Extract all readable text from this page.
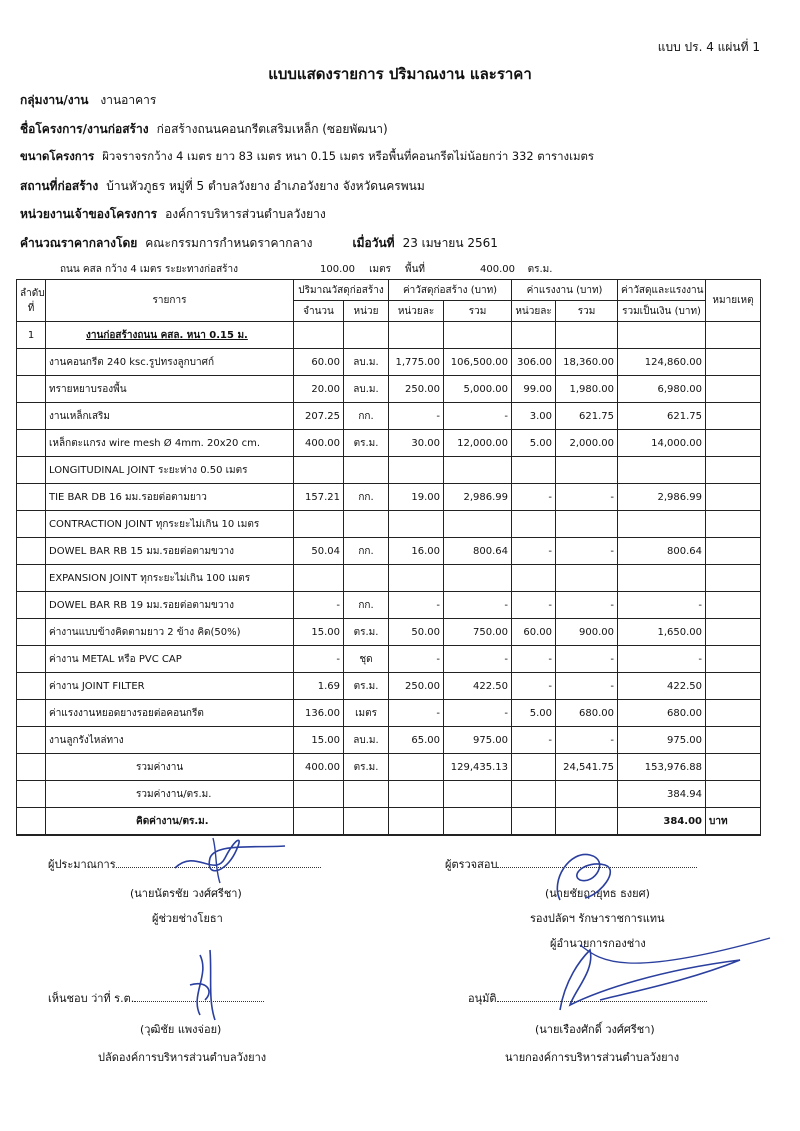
แบบ ปร. 4 แผ่นที่ 1
แบบแสดงรายการ ปริมาณงาน และราคา
กลุ่มงาน/งาน งานอาคาร
ชื่อโครงการ/งานก่อสร้าง ก่อสร้างถนนคอนกรีตเสริมเหล็ก (ซอยพัฒนา)
ขนาดโครงการ ผิวจราจรกว้าง 4 เมตร ยาว 83 เมตร หนา 0.15 เมตร หรือพื้นที่คอนกรีตไม่น้อยกว่า 332 ตารางเมตร
สถานที่ก่อสร้าง บ้านหัวภูธร หมู่ที่ 5 ตำบลวังยาง อำเภอวังยาง จังหวัดนครพนม
หน่วยงานเจ้าของโครงการ องค์การบริหารส่วนตำบลวังยาง
คำนวณราคากลางโดย คณะกรรมการกำหนดราคากลาง	เมื่อวันที่ 23 เมษายน 2561
ถนน คสล กว้าง 4 เมตร ระยะทางก่อสร้าง	100.00 เมตร พื้นที่	400.00 ตร.ม.
ลำดับที่	รายการ	ปริมาณวัสดุก่อสร้าง		ค่าวัสดุก่อสร้าง (บาท)		ค่าแรงงาน (บาท)		ค่าวัสดุและแรงงาน	หมายเหตุ
		จำนวน	หน่วย	หน่วยละ	รวม	หน่วยละ	รวม	รวมเป็นเงิน (บาท)	
1	งานก่อสร้างถนน คสล. หนา 0.15 ม.								
	งานคอนกรีต 240 ksc.รูปทรงลูกบาศก์	60.00	ลบ.ม.	1,775.00	106,500.00	306.00	18,360.00	124,860.00	
	ทรายหยาบรองพื้น	20.00	ลบ.ม.	250.00	5,000.00	99.00	1,980.00	6,980.00	
	งานเหล็กเสริม	207.25	กก.	-	-	3.00	621.75	621.75	
	เหล็กตะแกรง wire mesh Ø 4mm. 20x20 cm.	400.00	ตร.ม.	30.00	12,000.00	5.00	2,000.00	14,000.00	
	LONGITUDINAL JOINT ระยะห่าง 0.50 เมตร								
	TIE BAR DB 16 มม.รอยต่อตามยาว	157.21	กก.	19.00	2,986.99	-	-	2,986.99	
	CONTRACTION JOINT ทุกระยะไม่เกิน 10 เมตร								
	DOWEL BAR RB 15 มม.รอยต่อตามขวาง	50.04	กก.	16.00	800.64	-	-	800.64	
	EXPANSION JOINT ทุกระยะไม่เกิน 100 เมตร								
	DOWEL BAR RB 19 มม.รอยต่อตามขวาง	-	กก.	-	-	-	-	-	
	ค่างานแบบข้างคิดตามยาว 2 ข้าง คิด(50%)	15.00	ตร.ม.	50.00	750.00	60.00	900.00	1,650.00	
	ค่างาน METAL หรือ PVC CAP	-	ชุด	-	-	-	-	-	
	ค่างาน JOINT FILTER	1.69	ตร.ม.	250.00	422.50	-	-	422.50	
	ค่าแรงงานหยอดยางรอยต่อคอนกรีต	136.00	เมตร	-	-	5.00	680.00	680.00	
	งานลูกรังไหล่ทาง	15.00	ลบ.ม.	65.00	975.00	-	-	975.00	
	รวมค่างาน	400.00	ตร.ม.		129,435.13		24,541.75	153,976.88	
	รวมค่างาน/ตร.ม.							384.94	
	คิดค่างาน/ตร.ม.							384.00	บาท
ผู้ประมาณการ
(นายนัตรชัย วงศ์ศรีชา)
ผู้ช่วยช่างโยธา
ผู้ตรวจสอบ
(นายชัยฤายุทธ ธงยศ)
รองปลัดฯ รักษาราชการแทน
ผู้อำนวยการกองช่าง
เห็นชอบ ว่าที่ ร.ต.
(วุฒิชัย แพงจ่อย)
ปลัดองค์การบริหารส่วนตำบลวังยาง
อนุมัติ
(นายเรืองศักดิ์ วงศ์ศรีชา)
นายกองค์การบริหารส่วนตำบลวังยาง
